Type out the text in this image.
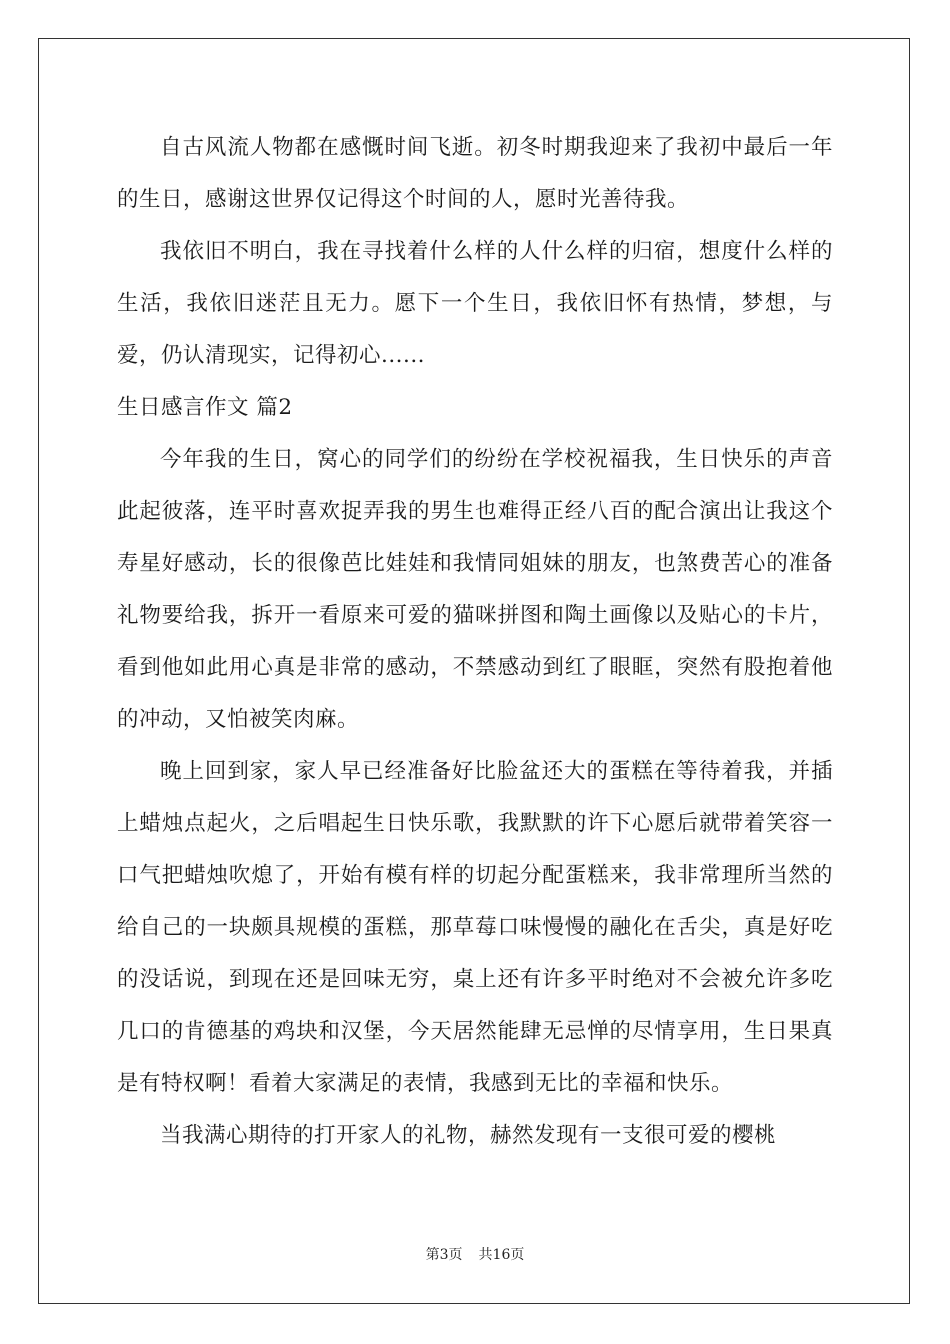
自古风流人物都在感慨时间飞逝。初冬时期我迎来了我初中最后一年的生日，感谢这世界仅记得这个时间的人，愿时光善待我。

我依旧不明白，我在寻找着什么样的人什么样的归宿，想度什么样的生活，我依旧迷茫且无力。愿下一个生日，我依旧怀有热情，梦想，与爱，仍认清现实，记得初心......

生日感言作文 篇2

今年我的生日，窝心的同学们的纷纷在学校祝福我，生日快乐的声音此起彼落，连平时喜欢捉弄我的男生也难得正经八百的配合演出让我这个寿星好感动，长的很像芭比娃娃和我情同姐妹的朋友，也煞费苦心的准备礼物要给我，拆开一看原来可爱的猫咪拼图和陶土画像以及贴心的卡片，看到他如此用心真是非常的感动，不禁感动到红了眼眶，突然有股抱着他的冲动，又怕被笑肉麻。

晚上回到家，家人早已经准备好比脸盆还大的蛋糕在等待着我，并插上蜡烛点起火，之后唱起生日快乐歌，我默默的许下心愿后就带着笑容一口气把蜡烛吹熄了，开始有模有样的切起分配蛋糕来，我非常理所当然的给自己的一块颇具规模的蛋糕，那草莓口味慢慢的融化在舌尖，真是好吃的没话说，到现在还是回味无穷，桌上还有许多平时绝对不会被允许多吃几口的肯德基的鸡块和汉堡，今天居然能肆无忌惮的尽情享用，生日果真是有特权啊！看着大家满足的表情，我感到无比的幸福和快乐。

当我满心期待的打开家人的礼物，赫然发现有一支很可爱的樱桃

第3页 共16页
